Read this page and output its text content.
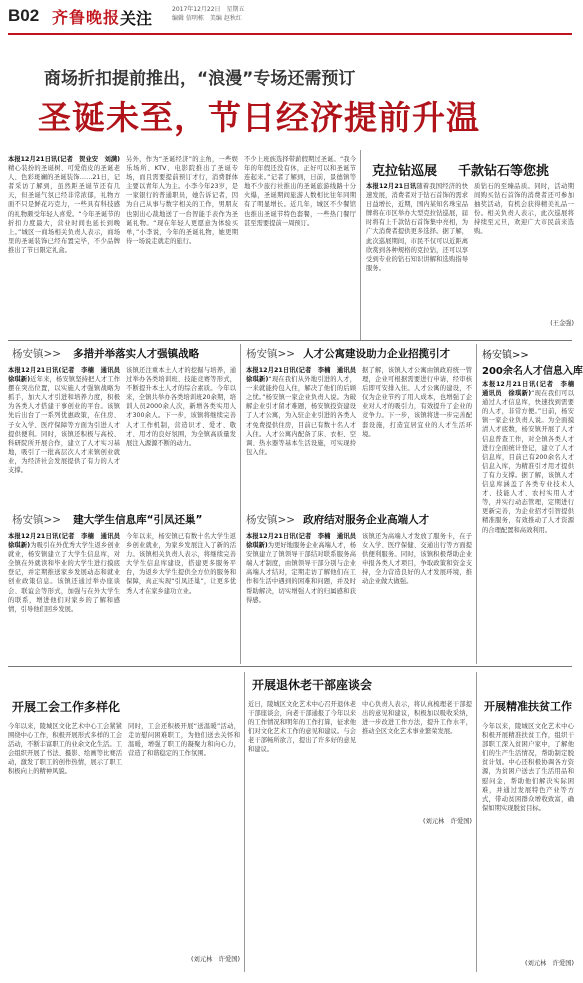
B02 齐鲁晚报 关注	2017年12月22日　星期五
编辑 信明栋　美编 赵秋红
商场折扣提前推出，“浪漫”专场还需预订
圣诞未至，节日经济提前升温
本报12月21日讯(记者　贺业安　刘满)精心装扮的圣诞树、可爱俏皮的圣诞老人、色彩斑斓的圣诞装饰……21日，记者采访了解到，虽然距圣诞节还有几天，但圣诞气氛已经非常浓郁，礼物方面不只是鲜花巧克力，一些具有科技感的礼物颇受年轻人喜爱。“今年圣诞节的折扣力度最大，营业时间也延长到晚上。”城区一商场相关负责人表示，商场里的圣诞装饰已经布置完毕，不少品牌推出了节日限定礼盒。
另外，作为“圣诞经济”的主角，一些娱乐场所、KTV、电影院推出了圣诞专场，而且需要提前预订才行，消费群体主要以青年人为主。小李今年23岁，是一家银行的普通职员，她告诉记者，因为自己从事与数字相关的工作，男朋友也别出心裁地送了一台智能手表作为圣诞礼物。“现在年轻人更愿意为体验买单，”小李说，今年的圣诞礼物，她更期待一场说走就走的旅行。
不少上班族选择带薪假期过圣诞。“我今年的年假还没有休，正好可以和圣诞节连起来。”记者了解到，日前，景德镇等地不少旅行社推出的圣诞旅游线路十分火爆，圣诞期间旅游人数相比往年同期有了明显增长。近几年，城区不少餐馆也推出圣诞节特色套餐，一些热门餐厅甚至需要提前一周预订。
克拉钻巡展 千款钻石等您挑
本报12月21日讯随着我国经济的快速发展，消费者对于钻石首饰的需求日益增长，近期，国内某知名珠宝品牌将在市区举办大型克拉钻巡展，届时将有上千款钻石首饰集中亮相，为广大消费者提供更多选择。据了解，此次巡展期间，市民不仅可以近距离欣赏到各种规格的克拉钻，还可以享受到专业的钻石知识讲解和选购指导服务。
质钻石的至臻品质。同时，活动期间购买钻石首饰的消费者还可参加抽奖活动，有机会获得精美礼品一份。相关负责人表示，此次巡展将持续至元旦，欢迎广大市民前来选购。
(王金强)
杨安镇>> 多措并举落实人才强镇战略
本报12月21日讯(记者　李楠　通讯员　徐琪新)近年来，杨安镇坚持把人才工作摆在突出位置，以实施人才强镇战略为抓手，加大人才引进和培养力度，积极为各类人才搭建干事创业的平台。该镇先后出台了一系列优惠政策，在住房、子女入学、医疗保障等方面为引进人才提供便利。同时，该镇还积极与高校、科研院所开展合作，建立了人才实习基地，吸引了一批高层次人才来镇创业就业，为经济社会发展提供了有力的人才支撑。
该镇还注重本土人才的挖掘与培养，通过举办各类培训班、技能竞赛等形式，不断提升本土人才的综合素质。今年以来，全镇共举办各类培训班20余期，培训人员2000余人次，新增各类实用人才300余人。下一步，该镇将继续完善人才工作机制，营造识才、爱才、敬才、用才的良好氛围，为全镇高质量发展注入源源不断的动力。
杨安镇>> 人才公寓建设助力企业招揽引才
本报12月21日讯(记者　李楠　通讯员　徐琪新)“现在我们从外地引进的人才，一来就能拎包入住，解决了他们的后顾之忧。”杨安镇一家企业负责人说。为破解企业引才留才难题，杨安镇投资建设了人才公寓，为入驻企业引进的各类人才免费提供住房，目前已有数十名人才入住。人才公寓内配备了床、衣柜、空调、热水器等基本生活设施，可实现拎包入住。
据了解，该镇人才公寓由镇政府统一管理，企业可根据需要进行申请，经审核后即可安排入住。人才公寓的建设，不仅为企业节约了用人成本，也增强了企业对人才的吸引力，有效提升了企业的竞争力。下一步，该镇将进一步完善配套设施，打造宜居宜业的人才生活环境。
杨安镇>>
200余名人才信息入库
本报12月21日讯(记者　李楠　通讯员　徐琪新)“现在我们可以通过人才信息库，快速找到需要的人才，非常方便。”日前，杨安镇一家企业负责人说。为全面摸清人才底数，杨安镇开展了人才信息普查工作，对全镇各类人才进行全面统计登记，建立了人才信息库，目前已有200余名人才信息入库，为精准引才用才提供了有力支撑。据了解，该镇人才信息库涵盖了各类专业技术人才、技能人才、农村实用人才等，并实行动态管理，定期进行更新完善，为企业招才引智提供精准服务，有效推动了人才资源的合理配置和高效利用。
杨安镇>> 建大学生信息库“引凤还巢”
本报12月21日讯(记者　李楠　通讯员　徐琪新)为吸引在外优秀大学生返乡创业就业，杨安镇建立了大学生信息库，对全镇在外就读和毕业的大学生进行摸底登记，并定期推送家乡发展动态和就业创业政策信息。该镇还通过举办座谈会、联谊会等形式，加强与在外大学生的联系，增进他们对家乡的了解和感情，引导他们回乡发展。
今年以来，杨安镇已有数十名大学生返乡创业就业，为家乡发展注入了新的活力。该镇相关负责人表示，将继续完善大学生信息库建设，搭建更多服务平台，为返乡大学生提供全方位的服务和保障，真正实现“引凤还巢”，让更多优秀人才在家乡建功立业。
杨安镇>> 政府结对服务企业高端人才
本报12月21日讯(记者　李楠　通讯员　徐琪新)为更好地服务企业高端人才，杨安镇建立了镇领导干部结对联系服务高端人才制度，由镇领导干部分别与企业高端人才结对，定期走访了解他们在工作和生活中遇到的困难和问题，并及时帮助解决，切实增强人才的归属感和获得感。
该镇还为高端人才发放了服务卡，在子女入学、医疗保健、交通出行等方面提供便利服务。同时，该镇积极帮助企业申报各类人才项目，争取政策和资金支持，全力营造良好的人才发展环境，推动企业做大做强。
开展工会工作多样化
今年以来，陵城区文化艺术中心工会紧紧围绕中心工作，积极开展形式多样的工会活动，不断丰富职工的业余文化生活。工会组织开展了书法、摄影、绘画等比赛活动，激发了职工的创作热情，展示了职工积极向上的精神风貌。
同时，工会还积极开展“送温暖”活动，走访慰问困难职工，为他们送去关怀和温暖，增强了职工的凝聚力和向心力，营造了和谐稳定的工作氛围。
(刘元林　许爱国)
开展退休老干部座谈会
近日，陵城区文化艺术中心召开退休老干部座谈会，向老干部通报了今年以来的工作情况和明年的工作打算，征求他们对文化艺术工作的意见和建议。与会老干部畅所欲言，提出了许多好的意见和建议。
中心负责人表示，将认真梳理老干部提出的意见和建议，积极加以吸收采纳，进一步改进工作方法，提升工作水平，推动全区文化艺术事业繁荣发展。
(刘元林　许爱国)
开展精准扶贫工作
今年以来，陵城区文化艺术中心积极开展精准扶贫工作，组织干部职工深入贫困户家中，了解他们的生产生活情况，帮助制定脱贫计划。中心还积极协调各方资源，为贫困户送去了生活用品和慰问金，帮助他们解决实际困难，并通过发展特色产业等方式，带动贫困群众增收致富，确保如期实现脱贫目标。
(刘元林　许爱国)
